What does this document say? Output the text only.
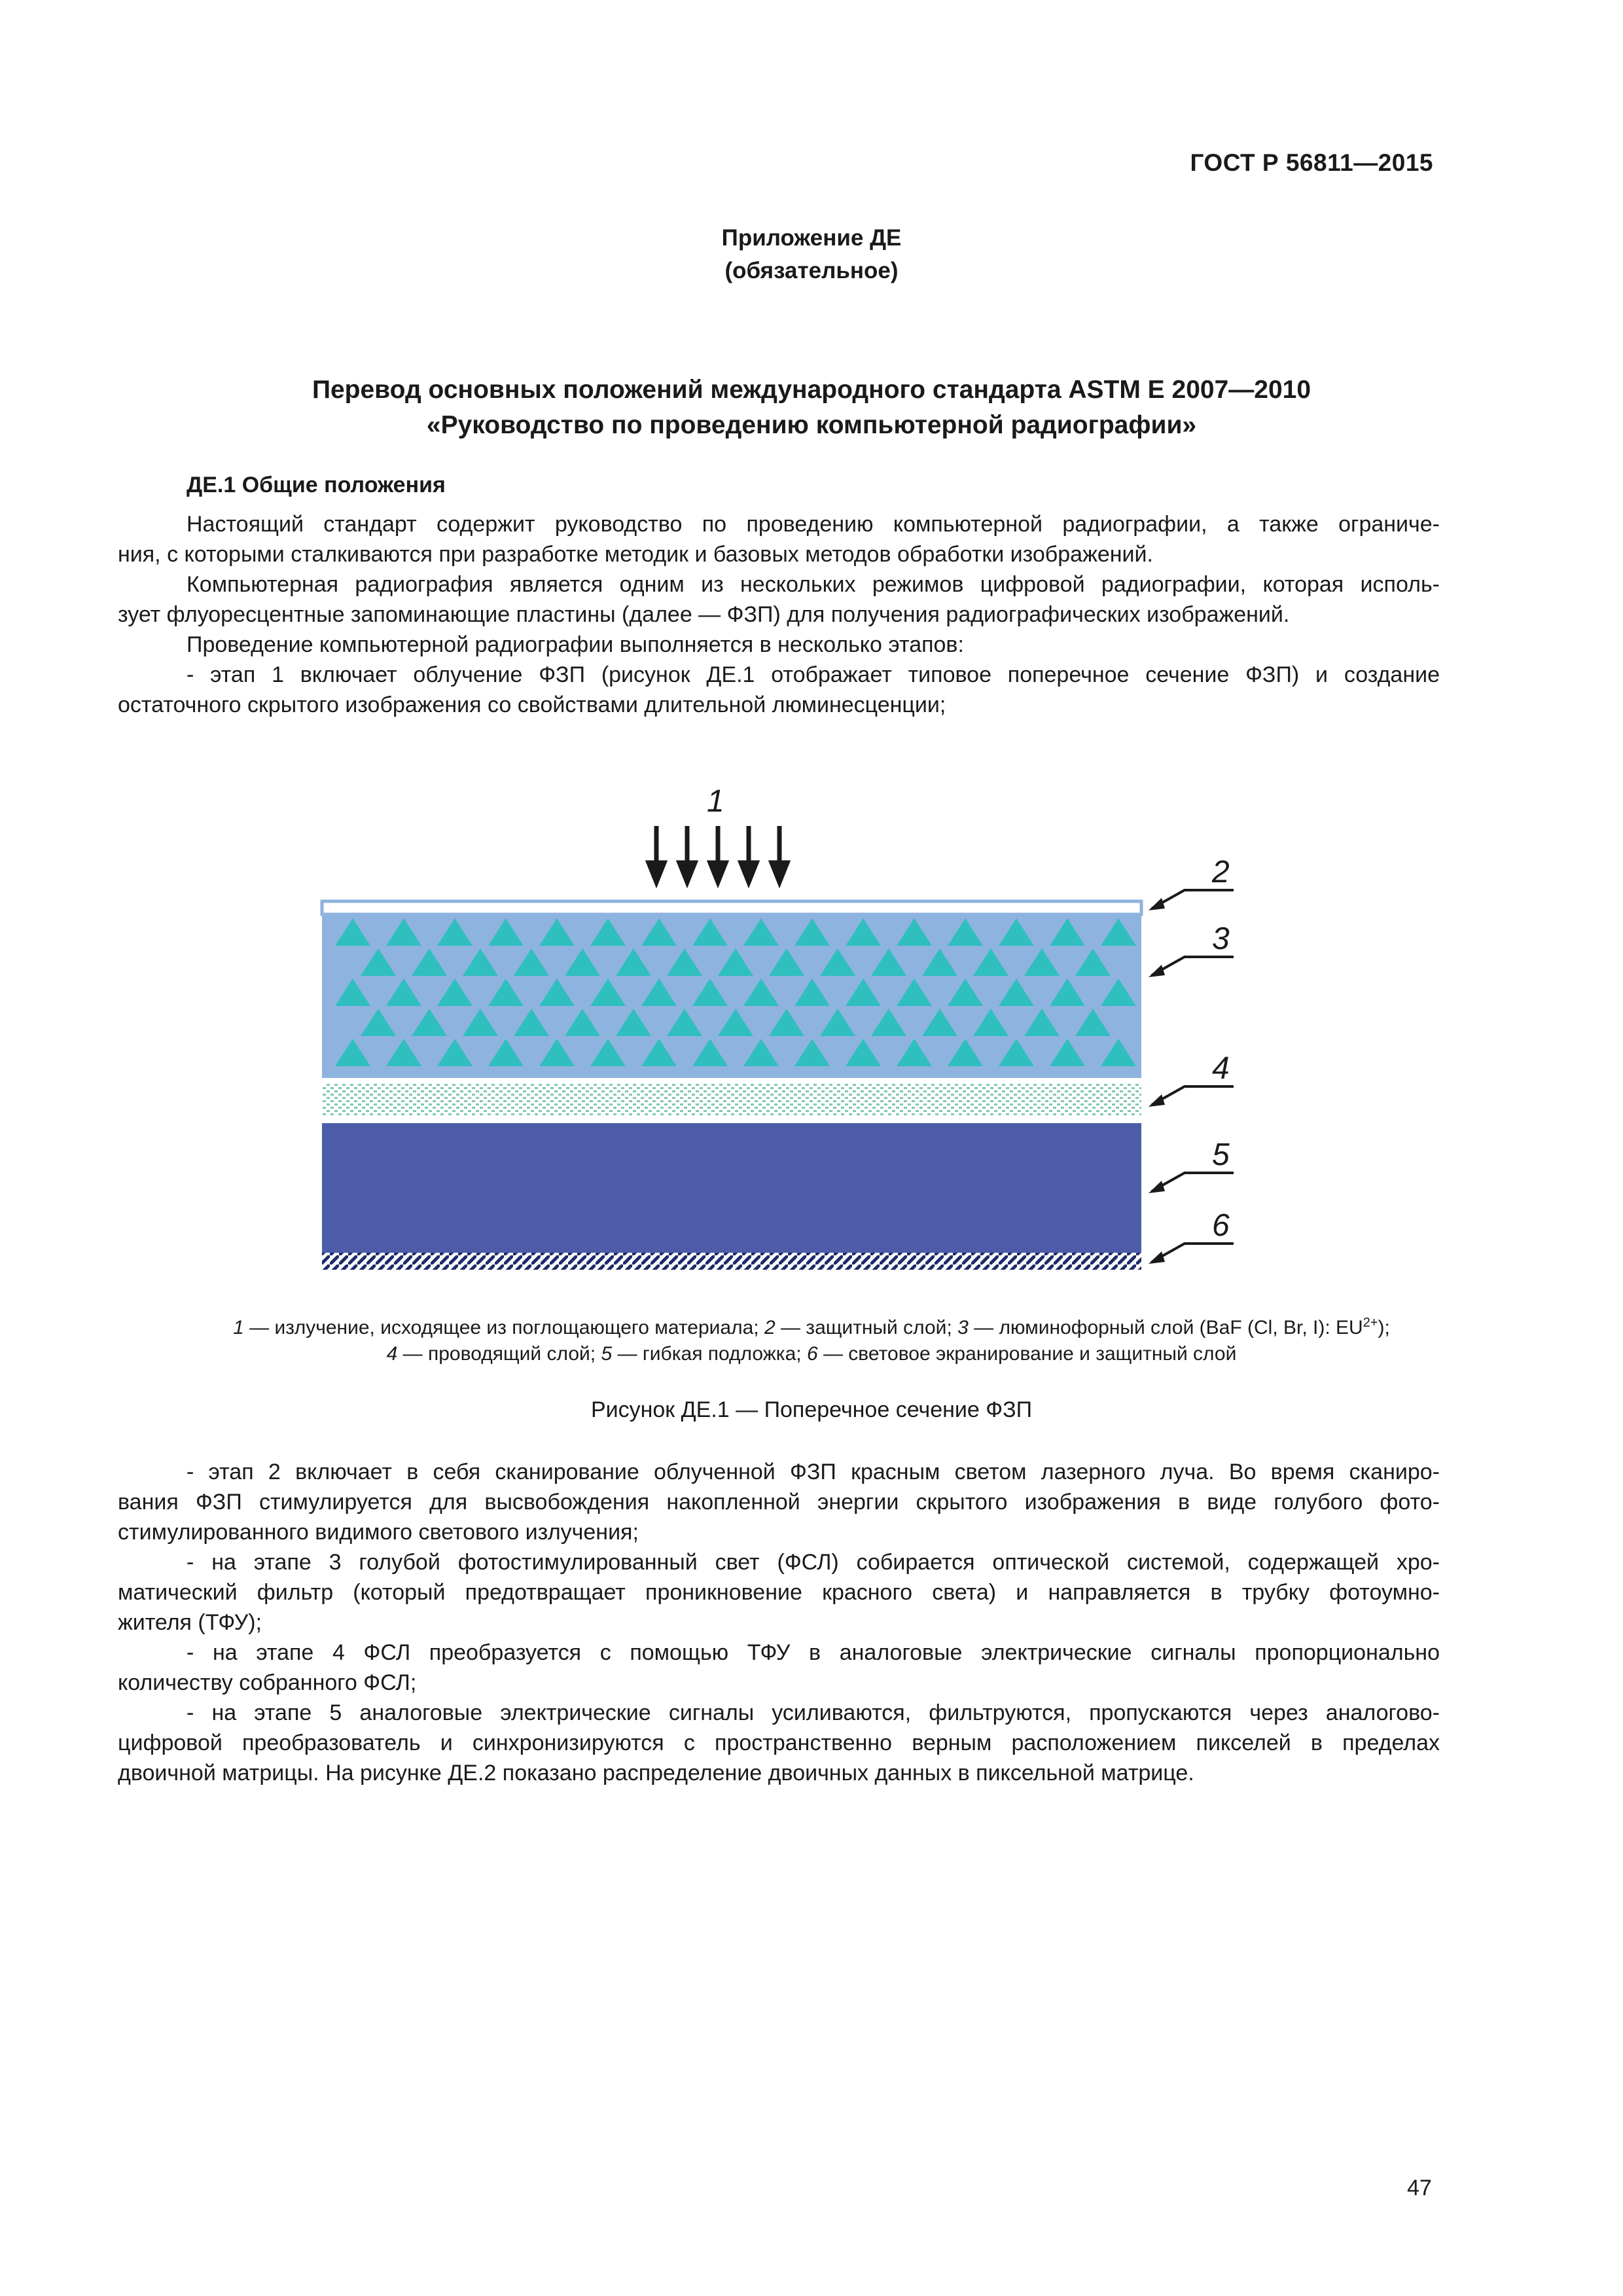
ГОСТ Р 56811—2015
Приложение ДЕ
(обязательное)
Перевод основных положений международного стандарта ASTM E 2007—2010
«Руководство по проведению компьютерной радиографии»
ДЕ.1 Общие положения
Настоящий стандарт содержит руководство по проведению компьютерной радиографии, а также ограниче-
ния, с которыми сталкиваются при разработке методик и базовых методов обработки изображений.
Компьютерная радиография является одним из нескольких режимов цифровой радиографии, которая исполь-
зует флуоресцентные запоминающие пластины (далее — ФЗП) для получения радиографических изображений.
Проведение компьютерной радиографии выполняется в несколько этапов:
- этап 1 включает облучение ФЗП (рисунок ДЕ.1 отображает типовое поперечное сечение ФЗП) и создание
остаточного скрытого изображения со свойствами длительной люминесценции;
1
2
3
4
5
6
1 — излучение, исходящее из поглощающего материала; 2 — защитный слой; 3 — люминофорный слой (BaF (Cl, Br, I): $EU^{2+}$);
4 — проводящий слой; 5 — гибкая подложка; 6 — световое экранирование и защитный слой
Рисунок ДЕ.1 — Поперечное сечение ФЗП
- этап 2 включает в себя сканирование облученной ФЗП красным светом лазерного луча. Во время сканиро-
вания ФЗП стимулируется для высвобождения накопленной энергии скрытого изображения в виде голубого фото-
стимулированного видимого светового излучения;
- на этапе 3 голубой фотостимулированный свет (ФСЛ) собирается оптической системой, содержащей хро-
матический фильтр (который предотвращает проникновение красного света) и направляется в трубку фотоумно-
жителя (ТФУ);
- на этапе 4 ФСЛ преобразуется с помощью ТФУ в аналоговые электрические сигналы пропорционально
количеству собранного ФСЛ;
- на этапе 5 аналоговые электрические сигналы усиливаются, фильтруются, пропускаются через аналогово-
цифровой преобразователь и синхронизируются с пространственно верным расположением пикселей в пределах
двоичной матрицы. На рисунке ДЕ.2 показано распределение двоичных данных в пиксельной матрице.
47
